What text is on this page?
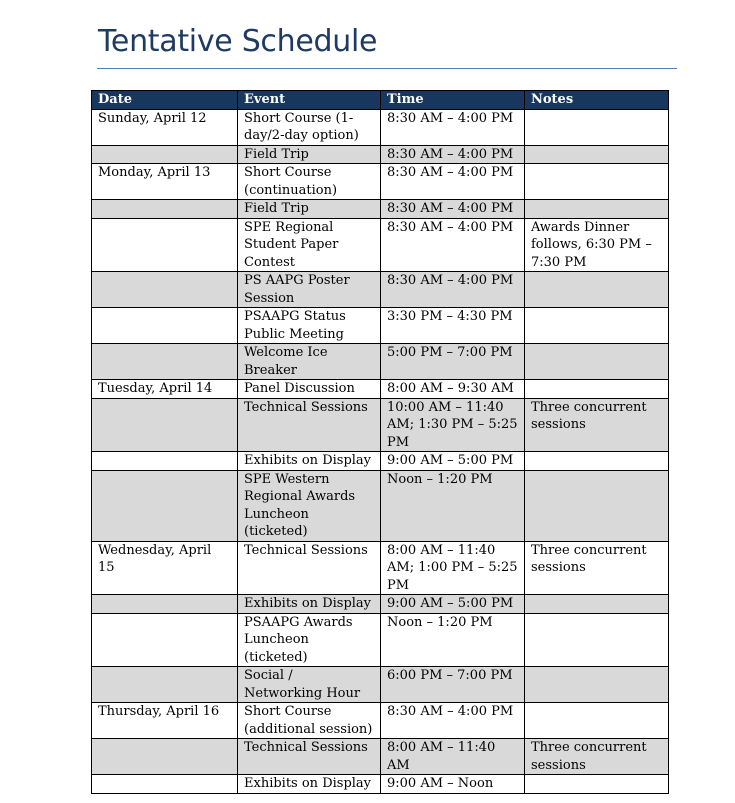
Tentative Schedule
Date	Event	Time	Notes
Sunday, April 12	Short Course (1-day/2-day option)	8:30 AM – 4:00 PM	
	Field Trip	8:30 AM – 4:00 PM	
Monday, April 13	Short Course (continuation)	8:30 AM – 4:00 PM	
	Field Trip	8:30 AM – 4:00 PM	
	SPE Regional Student Paper Contest	8:30 AM – 4:00 PM	Awards Dinner follows, 6:30 PM – 7:30 PM
	PS AAPG Poster Session	8:30 AM – 4:00 PM	
	PSAAPG Status Public Meeting	3:30 PM – 4:30 PM	
	Welcome Ice Breaker	5:00 PM – 7:00 PM	
Tuesday, April 14	Panel Discussion	8:00 AM – 9:30 AM	
	Technical Sessions	10:00 AM – 11:40 AM; 1:30 PM – 5:25 PM	Three concurrent sessions
	Exhibits on Display	9:00 AM – 5:00 PM	
	SPE Western Regional Awards Luncheon (ticketed)	Noon – 1:20 PM	
Wednesday, April 15	Technical Sessions	8:00 AM – 11:40 AM; 1:00 PM – 5:25 PM	Three concurrent sessions
	Exhibits on Display	9:00 AM – 5:00 PM	
	PSAAPG Awards Luncheon (ticketed)	Noon – 1:20 PM	
	Social / Networking Hour	6:00 PM – 7:00 PM	
Thursday, April 16	Short Course (additional session)	8:30 AM – 4:00 PM	
	Technical Sessions	8:00 AM – 11:40 AM	Three concurrent sessions
	Exhibits on Display	9:00 AM – Noon	
